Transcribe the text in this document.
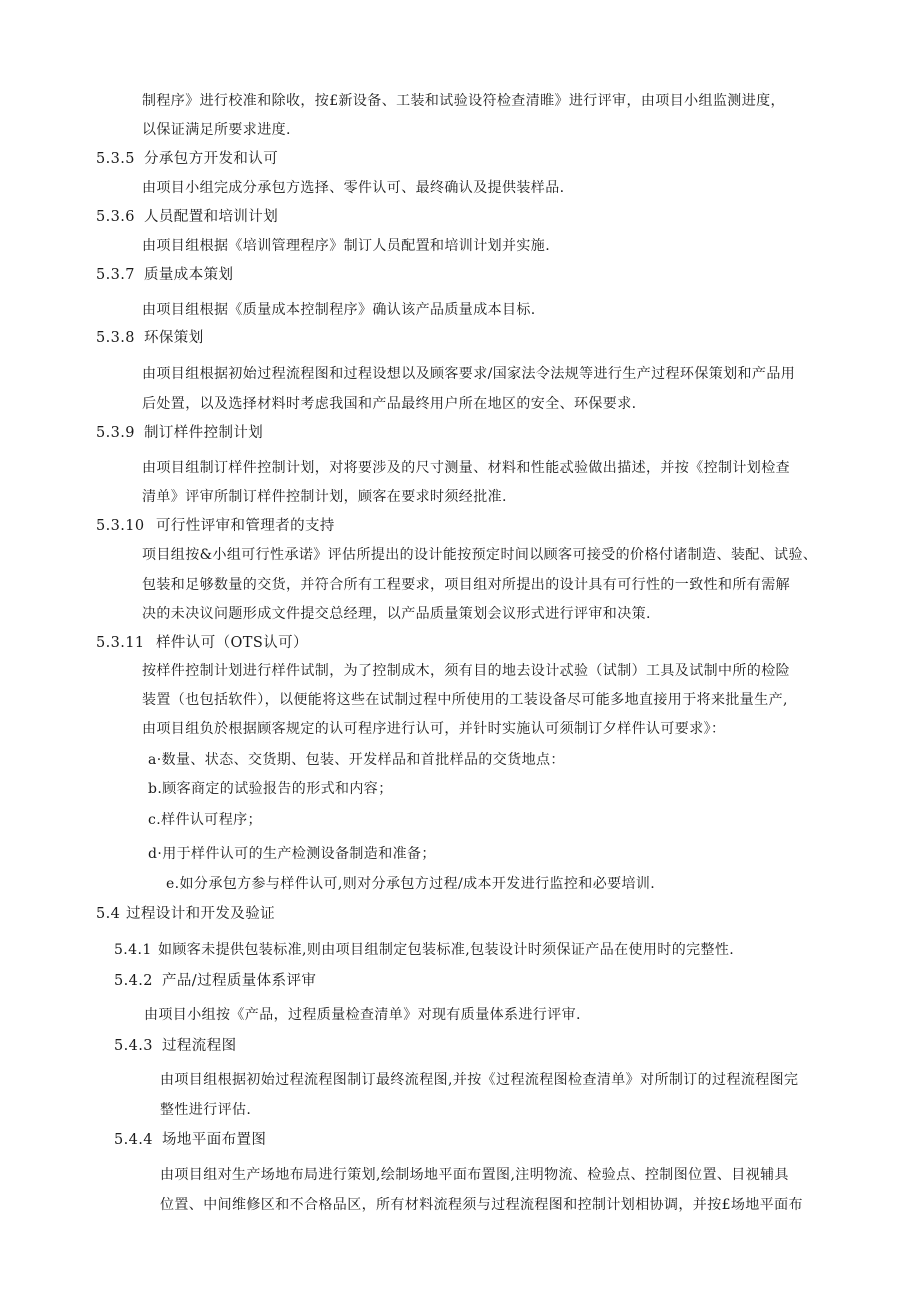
制程序》进行校准和除收，按£新设备、工装和试验设符检查清睢》进行评审，由项目小组监测进度，
以保证满足所要求进度.
5.3.5 分承包方开发和认可
由项目小组完成分承包方选择、零件认可、最终确认及提供装样品.
5.3.6 人员配置和培训计划
由项目组根据《培训管理程序》制订人员配置和培训计划并实施.
5.3.7 质量成本策划
由项目组根据《质量成本控制程序》确认该产品质量成本目标.
5.3.8 环保策划
由项目组根据初始过程流程图和过程设想以及顾客要求/国家法令法规等进行生产过程环保策划和产品用
后处置，以及选择材料时考虑我国和产品最终用户所在地区的安全、环保要求.
5.3.9 制订样件控制计划
由项目组制订样件控制计划，对将要涉及的尺寸测量、材料和性能忒验做出描述，并按《控制计划检查
清单》评审所制订样件控制计划，顾客在要求时须经批准.
5.3.10 可行性评审和管理者的支持
项目组按&小组可行性承诺》评估所提出的设计能按预定时间以顾客可接受的价格付诸制造、装配、试验、
包装和足够数量的交货，并符合所有工程要求，项目组对所提出的设计具有可行性的一致性和所有需解
决的未决议问题形成文件提交总经理，以产品质量策划会议形式进行评审和决策.
5.3.11 样件认可（OTS认可）
按样件控制计划进行样件试制，为了控制成木，须有目的地去设计忒验（试制）工具及试制中所的检险
装置（也包括软件），以便能将这些在试制过程中所使用的工装设备尽可能多地直接用于将来批量生产,
由项目组负於根据顾客规定的认可程序进行认可，并针时实施认可须制订夕样件认可要求》：
a·数量、状态、交货期、包装、开发样品和首批样品的交货地点：
b.顾客商定的试验报告的形式和内容；
c.样件认可程序；
d·用于样件认可的生产检测设备制造和准备；
e.如分承包方参与样件认可,则对分承包方过程/成本开发进行监控和必要培训.
5.4 过程设计和开发及验证
5.4.1 如顾客未提供包装标准,则由项目组制定包装标准,包装设计时须保证产品在使用时的完整性.
5.4.2 产品/过程质量体系评审
由项目小组按《产品，过程质量检查清单》对现有质量体系进行评审.
5.4.3 过程流程图
由项目组根据初始过程流程图制订最终流程图,并按《过程流程图检查清单》对所制订的过程流程图完
整性进行评估.
5.4.4 场地平面布置图
由项目组对生产场地布局进行策划,绘制场地平面布置图,注明物流、检验点、控制图位置、目视辅具
位置、中间维修区和不合格品区，所有材料流程须与过程流程图和控制计划相协调，并按£场地平面布
